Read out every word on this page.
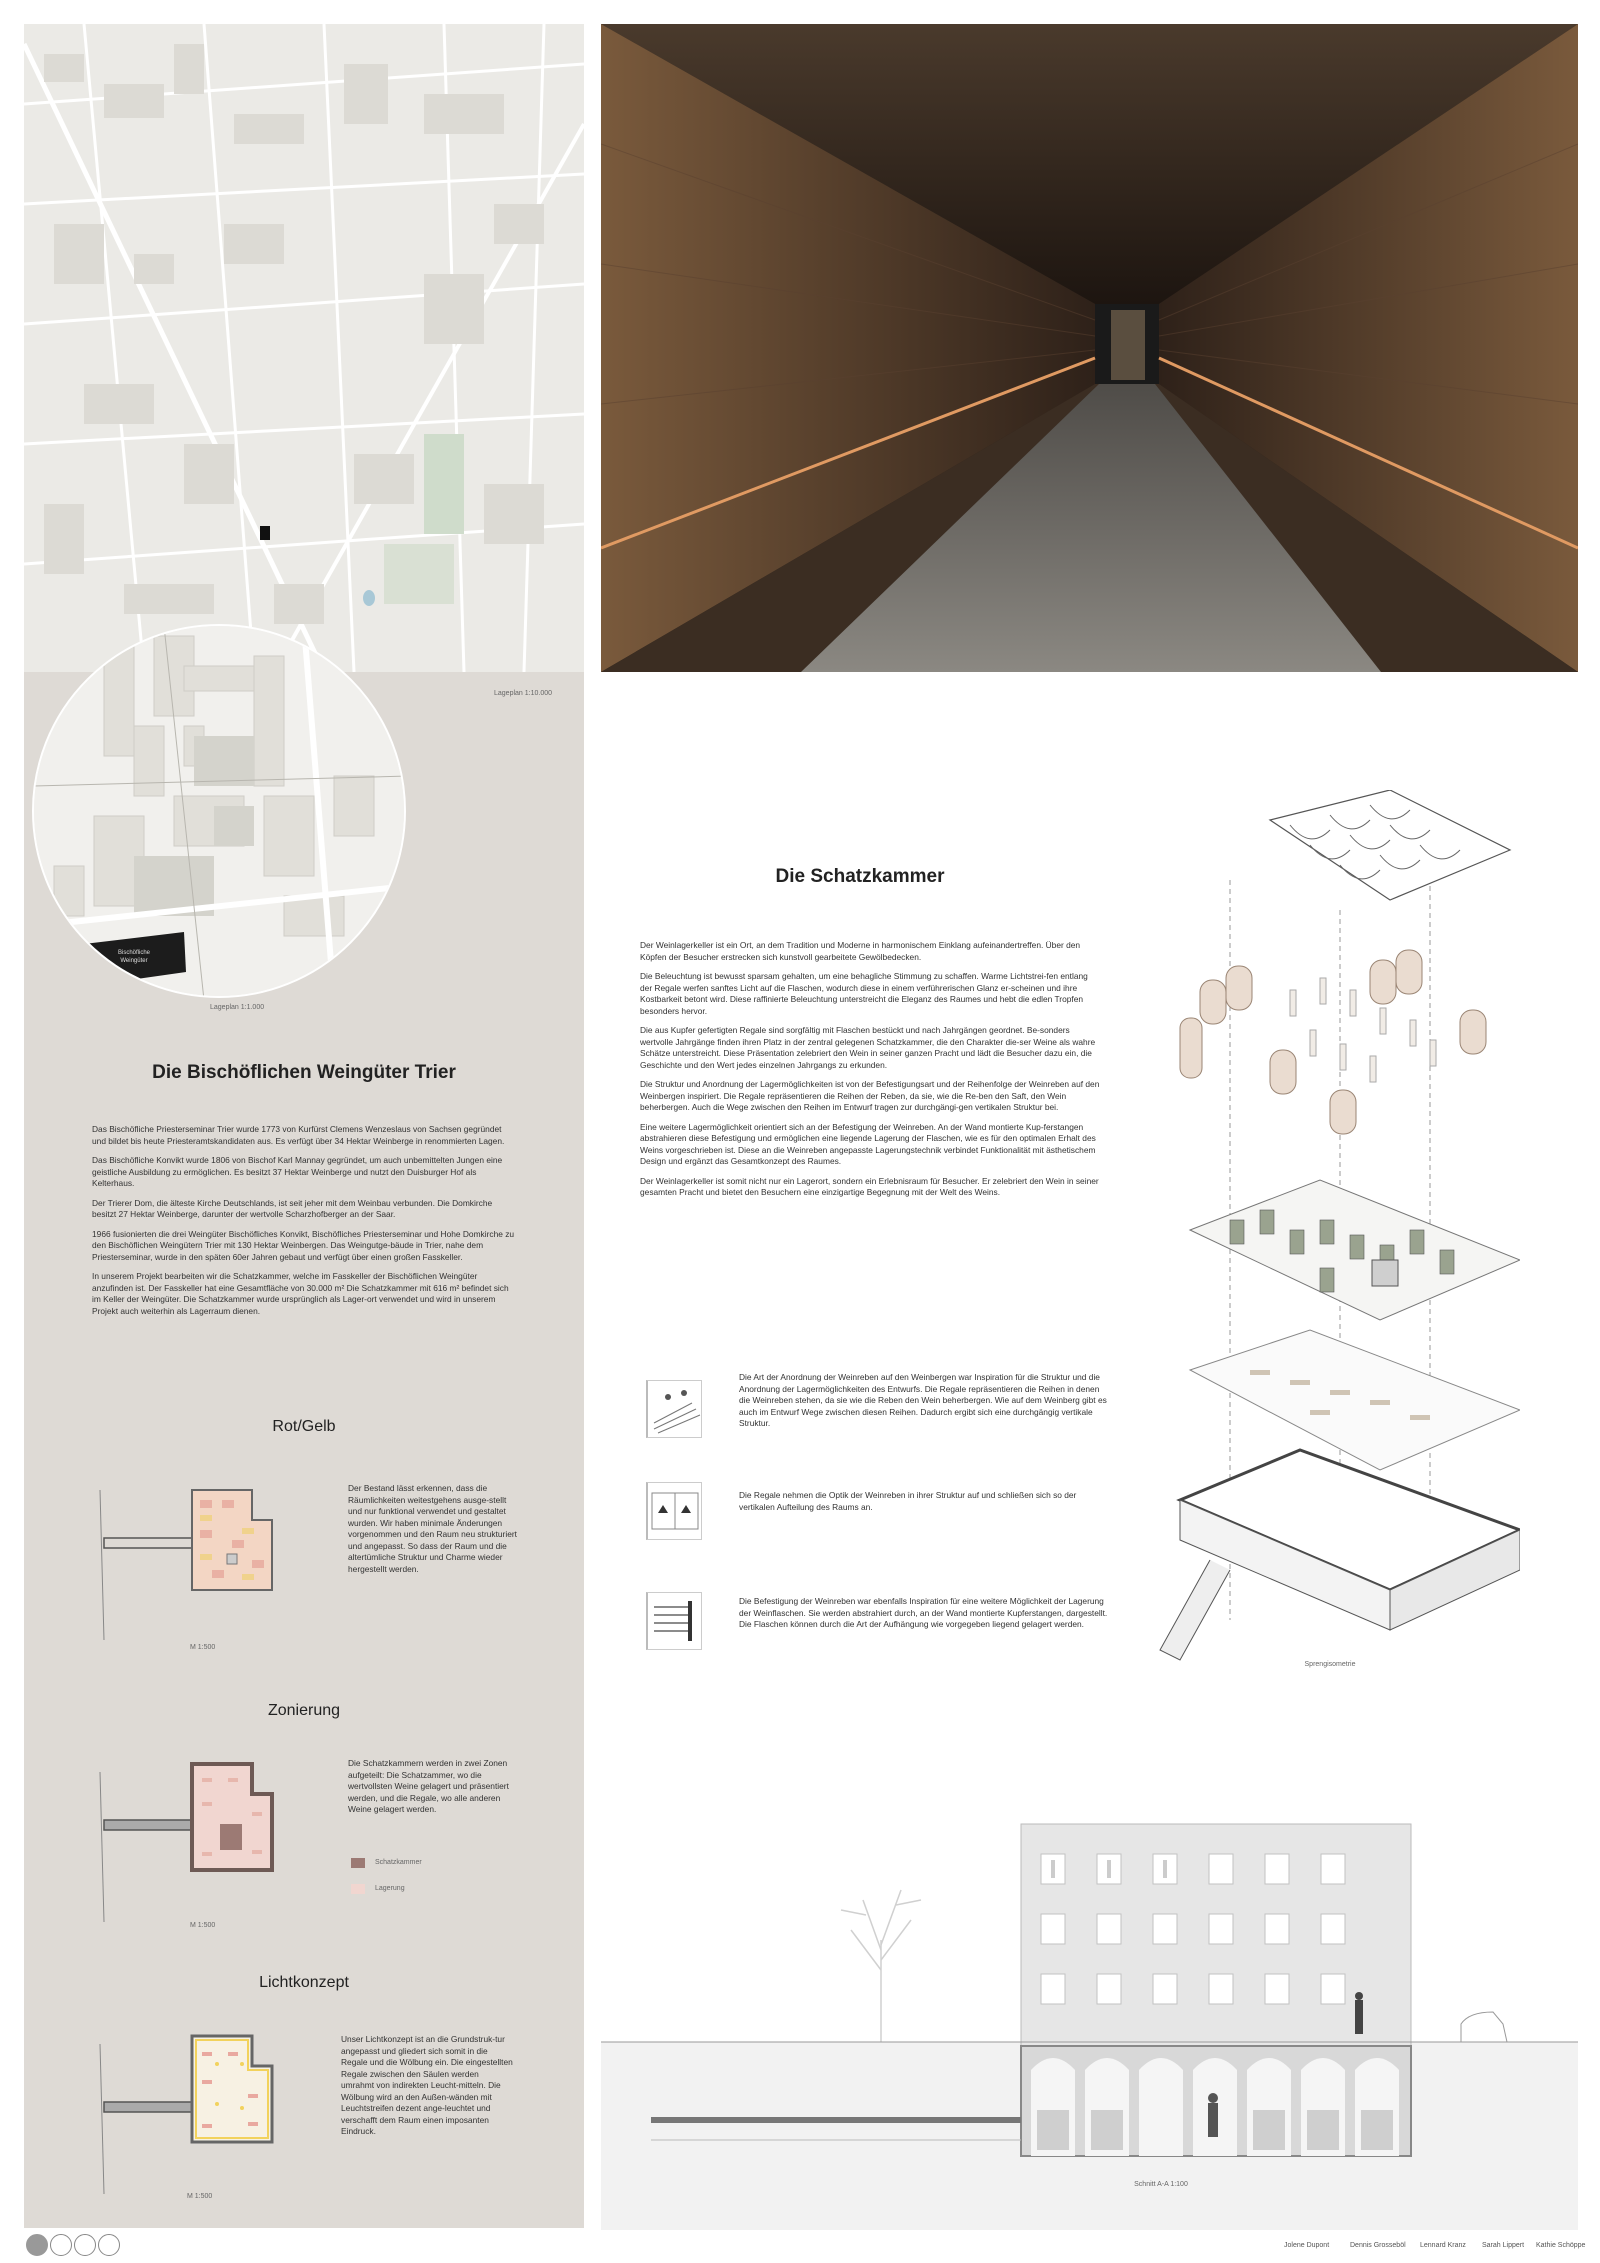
Bischöfliche
Weingüter
Lageplan 1:10.000
Lageplan 1:1.000
Die Bischöflichen Weingüter Trier

Das Bischöfliche Priesterseminar Trier wurde 1773 von Kurfürst Clemens Wenzeslaus von Sachsen gegründet und bildet bis heute Priesteramtskandidaten aus. Es verfügt über 34 Hektar Weinberge in renommierten Lagen.

Das Bischöfliche Konvikt wurde 1806 von Bischof Karl Mannay gegründet, um auch unbemittelten Jungen eine geistliche Ausbildung zu ermöglichen. Es besitzt 37 Hektar Weinberge und nutzt den Duisburger Hof als Kelterhaus.

Der Trierer Dom, die älteste Kirche Deutschlands, ist seit jeher mit dem Weinbau verbunden. Die Domkirche besitzt 27 Hektar Weinberge, darunter der wertvolle Scharzhofberger an der Saar.

1966 fusionierten die drei Weingüter Bischöfliches Konvikt, Bischöfliches Priesterseminar und Hohe Domkirche zu den Bischöflichen Weingütern Trier mit 130 Hektar Weinbergen. Das Weingutge-bäude in Trier, nahe dem Priesterseminar, wurde in den späten 60er Jahren gebaut und verfügt über einen großen Fasskeller.

In unserem Projekt bearbeiten wir die Schatzkammer, welche im Fasskeller der Bischöflichen Weingüter anzufinden ist. Der Fasskeller hat eine Gesamtfläche von 30.000 m² Die Schatzkammer mit 616 m² befindet sich im Keller der Weingüter. Die Schatzkammer wurde ursprünglich als Lager-ort verwendet und wird in unserem Projekt auch weiterhin als Lagerraum dienen.

Rot/Gelb
Der Bestand lässt erkennen, dass die Räumlichkeiten weitestgehens ausge-stellt und nur funktional verwendet und gestaltet wurden. Wir haben minimale Änderungen vorgenommen und den Raum neu strukturiert und angepasst. So dass der Raum und die altertümliche Struktur und Charme wieder hergestellt werden.
M 1:500
Zonierung
Die Schatzkammern werden in zwei Zonen aufgeteilt: Die Schatzammer, wo die wertvollsten Weine gelagert und präsentiert werden, und die Regale, wo alle anderen Weine gelagert werden.
Schatzkammer
Lagerung
M 1:500
Lichtkonzept
Unser Lichtkonzept ist an die Grundstruk-tur angepasst und gliedert sich somit in die Regale und die Wölbung ein. Die eingestellten Regale zwischen den Säulen werden umrahmt von indirekten Leucht-mitteln. Die Wölbung wird an den Außen-wänden mit Leuchtstreifen dezent ange-leuchtet und verschafft dem Raum einen imposanten Eindruck.
M 1:500
Die Schatzkammer

Der Weinlagerkeller ist ein Ort, an dem Tradition und Moderne in harmonischem Einklang aufeinandertreffen. Über den Köpfen der Besucher erstrecken sich kunstvoll gearbeitete Gewölbedecken.

Die Beleuchtung ist bewusst sparsam gehalten, um eine behagliche Stimmung zu schaffen. Warme Lichtstrei-fen entlang der Regale werfen sanftes Licht auf die Flaschen, wodurch diese in einem verführerischen Glanz er-scheinen und ihre Kostbarkeit betont wird. Diese raffinierte Beleuchtung unterstreicht die Eleganz des Raumes und hebt die edlen Tropfen besonders hervor.

Die aus Kupfer gefertigten Regale sind sorgfältig mit Flaschen bestückt und nach Jahrgängen geordnet. Be-sonders wertvolle Jahrgänge finden ihren Platz in der zentral gelegenen Schatzkammer, die den Charakter die-ser Weine als wahre Schätze unterstreicht. Diese Präsentation zelebriert den Wein in seiner ganzen Pracht und lädt die Besucher dazu ein, die Geschichte und den Wert jedes einzelnen Jahrgangs zu erkunden.

Die Struktur und Anordnung der Lagermöglichkeiten ist von der Befestigungsart und der Reihenfolge der Weinreben auf den Weinbergen inspiriert. Die Regale repräsentieren die Reihen der Reben, da sie, wie die Re-ben den Saft, den Wein beherbergen. Auch die Wege zwischen den Reihen im Entwurf tragen zur durchgängi-gen vertikalen Struktur bei.

Eine weitere Lagermöglichkeit orientiert sich an der Befestigung der Weinreben. An der Wand montierte Kup-ferstangen abstrahieren diese Befestigung und ermöglichen eine liegende Lagerung der Flaschen, wie es für den optimalen Erhalt des Weins vorgeschrieben ist. Diese an die Weinreben angepasste Lagerungstechnik verbindet Funktionalität mit ästhetischem Design und ergänzt das Gesamtkonzept des Raumes.

Der Weinlagerkeller ist somit nicht nur ein Lagerort, sondern ein Erlebnisraum für Besucher. Er zelebriert den Wein in seiner gesamten Pracht und bietet den Besuchern eine einzigartige Begegnung mit der Welt des Weins.

Die Art der Anordnung der Weinreben auf den Weinbergen war Inspiration für die Struktur und die Anordnung der Lagermöglichkeiten des Entwurfs. Die Regale repräsentieren die Reihen in denen die Weinreben stehen, da sie wie die Reben den Wein beherbergen. Wie auf dem Weinberg gibt es auch im Entwurf Wege zwischen diesen Reihen. Dadurch ergibt sich eine durchgängig vertikale Struktur.
Die Regale nehmen die Optik der Weinreben in ihrer Struktur auf und schließen sich so der vertikalen Aufteilung des Raums an.
Die Befestigung der Weinreben war ebenfalls Inspiration für eine weitere Möglichkeit der Lagerung der Weinflaschen. Sie werden abstrahiert durch, an der Wand montierte Kupferstangen, dargestellt. Die Flaschen können durch die Art der Aufhängung wie vorgegeben liegend gelagert werden.
Sprengisometrie
Schnitt A-A 1:100
Jolene Dupont	Dennis Grosseböl Lennard Kranz Sarah Lippert Kathie Schöppe
